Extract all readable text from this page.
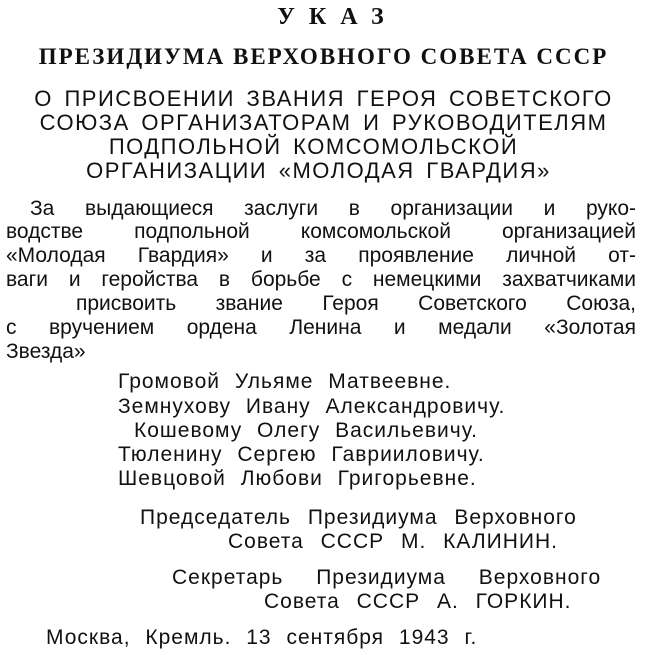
УКАЗ

ПРЕЗИДИУМА ВЕРХОВНОГО СОВЕТА СССР

О ПРИСВОЕНИИ ЗВАНИЯ ГЕРОЯ СОВЕТСКОГО

СОЮЗА ОРГАНИЗАТОРАМ И РУКОВОДИТЕЛЯМ

ПОДПОЛЬНОЙ КОМСОМОЛЬСКОЙ

ОРГАНИЗАЦИИ «МОЛОДАЯ ГВАРДИЯ»

За выдающиеся заслуги в организации и руко-

водстве подпольной комсомольской организацией

«Молодая Гвардия» и за проявление личной от-

ваги и геройства в борьбе с немецкими захватчиками

присвоить звание Героя Советского Союза,

с вручением ордена Ленина и медали «Золотая

Звезда»

Громовой Ульяме Матвеевне.

Земнухову Ивану Александровичу.

Кошевому Олегу Васильевичу.

Тюленину Сергею Гаврииловичу.

Шевцовой Любови Григорьевне.

Председатель Президиума Верховного

Совета СССР М. КАЛИНИН.

Секретарь Президиума Верховного

Совета СССР А. ГОРКИН.

Москва, Кремль. 13 сентября 1943 г.
